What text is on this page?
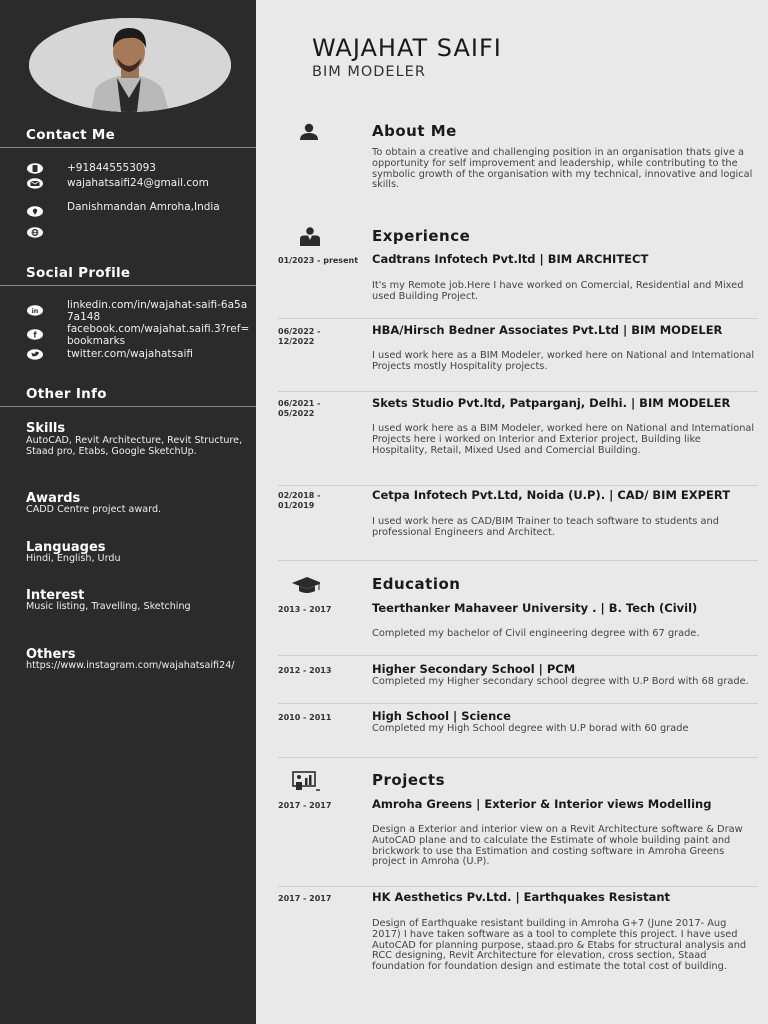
Contact Me
+918445553093
wajahatsaifi24@gmail.com
Danishmandan Amroha,India
Social Profile
in	linkedin.com/in/wajahat-saifi-6a5a7a148
f
facebook.com/wajahat.saifi.3?ref=bookmarks
twitter.com/wajahatsaifi
Other Info
Skills
AutoCAD, Revit Architecture, Revit Structure, Staad pro, Etabs, Google SketchUp.
Awards
CADD Centre project award.
Languages
Hindi, English, Urdu
Interest
Music listing, Travelling, Sketching
Others
https://www.instagram.com/wajahatsaifi24/
WAJAHAT SAIFI
BIM MODELER
About Me
To obtain a creative and challenging position in an organisation thats give a opportunity for self improvement and leadership, while contributing to the symbolic growth of the organisation with my technical, innovative and logical skills.
Experience
01/2023 - present Cadtrans Infotech Pvt.ltd | BIM ARCHITECT
It's my Remote job.Here I have worked on Comercial, Residential and Mixed used Building Project.
06/2022 - 12/2022
HBA/Hirsch Bedner Associates Pvt.Ltd | BIM MODELER
I used work here as a BIM Modeler, worked here on National and International Projects mostly Hospitality projects.
06/2021 - 05/2022
Skets Studio Pvt.ltd, Patparganj, Delhi. | BIM MODELER
I used work here as a BIM Modeler, worked here on National and International Projects here i worked on Interior and Exterior project, Building like Hospitality, Retail, Mixed Used and Comercial Building.
02/2018 - 01/2019
Cetpa Infotech Pvt.Ltd, Noida (U.P). | CAD/ BIM EXPERT
I used work here as CAD/BIM Trainer to teach software to students and professional Engineers and Architect.
Education
2013 - 2017	Teerthanker Mahaveer University . | B. Tech (Civil)
Completed my bachelor of Civil engineering degree with 67 grade.
2012 - 2013	Higher Secondary School | PCM
Completed my Higher secondary school degree with U.P Bord with 68 grade.
2010 - 2011	High School | Science
Completed my High School degree with U.P borad with 60 grade
Projects
2017 - 2017	Amroha Greens | Exterior & Interior views Modelling
Design a Exterior and interior view on a Revit Architecture software & Draw AutoCAD plane and to calculate the Estimate of whole building paint and brickwork to use tha Estimation and costing software in Amroha Greens project in Amroha (U.P).
2017 - 2017	HK Aesthetics Pv.Ltd. | Earthquakes Resistant
Design of Earthquake resistant building in Amroha G+7 (June 2017- Aug 2017) I have taken software as a tool to complete this project. I have used AutoCAD for planning purpose, staad.pro & Etabs for structural analysis and RCC designing, Revit Architecture for elevation, cross section, Staad foundation for foundation design and estimate the total cost of building.
